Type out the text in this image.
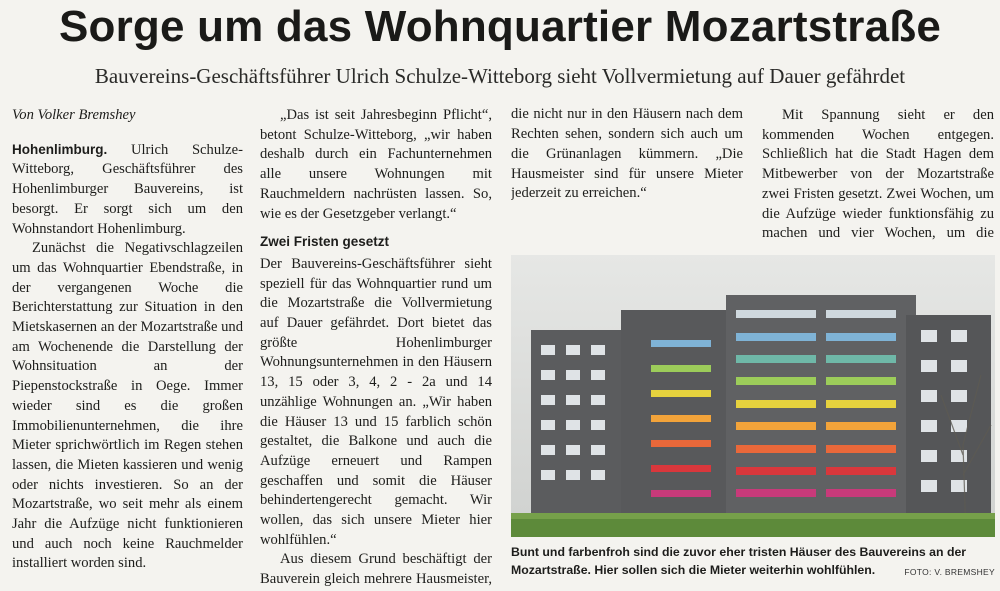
Sorge um das Wohnquartier Mozartstraße
Bauvereins-Geschäftsführer Ulrich Schulze-Witteborg sieht Vollvermietung auf Dauer gefährdet

Von Volker Bremshey

Hohenlimburg. Ulrich Schulze-Witteborg, Geschäftsführer des Hohenlimburger Bauvereins, ist besorgt. Er sorgt sich um den Wohnstandort Hohenlimburg.

Zunächst die Negativschlagzeilen um das Wohnquartier Ebendstraße, in der vergangenen Woche die Berichterstattung zur Situation in den Mietskasernen an der Mozartstraße und am Wochenende die Darstellung der Wohnsituation an der Piepenstockstraße in Oege. Immer wieder sind es die großen Immobilienunternehmen, die ihre Mieter sprichwörtlich im Regen stehen lassen, die Mieten kassieren und wenig oder nichts investieren. So an der Mozartstraße, wo seit mehr als einem Jahr die Aufzüge nicht funktionieren und auch noch keine Rauchmelder installiert worden sind.

„Das ist seit Jahresbeginn Pflicht“, betont Schulze-Witteborg, „wir haben deshalb durch ein Fachunternehmen alle unsere Wohnungen mit Rauchmeldern nachrüsten lassen. So, wie es der Gesetzgeber verlangt.“

Zwei Fristen gesetzt

Der Bauvereins-Geschäftsführer sieht speziell für das Wohnquartier rund um die Mozartstraße die Vollvermietung auf Dauer gefährdet. Dort bietet das größte Hohenlimburger Wohnungsunternehmen in den Häusern 13, 15 oder 3, 4, 2 - 2a und 14 unzählige Wohnungen an. „Wir haben die Häuser 13 und 15 farblich schön gestaltet, die Balkone und auch die Aufzüge erneuert und Rampen geschaffen und somit die Häuser behindertengerecht gemacht. Wir wollen, das sich unsere Mieter hier wohlfühlen.“

Aus diesem Grund beschäftigt der Bauverein gleich mehrere Hausmeister,

die nicht nur in den Häusern nach dem Rechten sehen, sondern sich auch um die Grünanlagen kümmern. „Die Hausmeister sind für unsere Mieter jederzeit zu erreichen.“

Mit Spannung sieht er den kommenden Wochen entgegen. Schließlich hat die Stadt Hagen dem Mitbewerber von der Mozartstraße zwei Fristen gesetzt. Zwei Wochen, um die Aufzüge wieder funktionsfähig zu machen und vier Wochen, um die

Bunt und farbenfroh sind die zuvor eher tristen Häuser des Bauvereins an der Mozartstraße. Hier sollen sich die Mieter weiterhin wohlfühlen.	FOTO: V. BREMSHEY
